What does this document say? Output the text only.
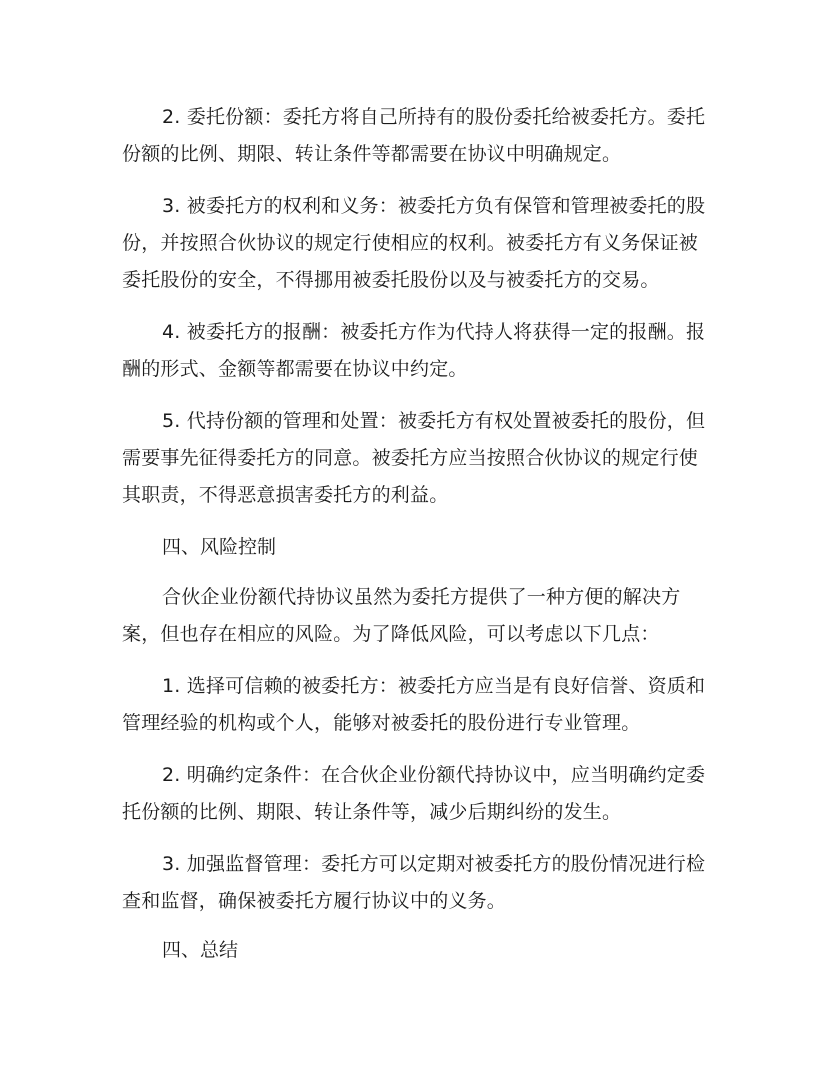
2. 委托份额：委托方将自己所持有的股份委托给被委托方。委托份额的比例、期限、转让条件等都需要在协议中明确规定。

3. 被委托方的权利和义务：被委托方负有保管和管理被委托的股份，并按照合伙协议的规定行使相应的权利。被委托方有义务保证被委托股份的安全，不得挪用被委托股份以及与被委托方的交易。

4. 被委托方的报酬：被委托方作为代持人将获得一定的报酬。报酬的形式、金额等都需要在协议中约定。

5. 代持份额的管理和处置：被委托方有权处置被委托的股份，但需要事先征得委托方的同意。被委托方应当按照合伙协议的规定行使其职责，不得恶意损害委托方的利益。

四、风险控制

合伙企业份额代持协议虽然为委托方提供了一种方便的解决方案，但也存在相应的风险。为了降低风险，可以考虑以下几点：

1. 选择可信赖的被委托方：被委托方应当是有良好信誉、资质和管理经验的机构或个人，能够对被委托的股份进行专业管理。

2. 明确约定条件：在合伙企业份额代持协议中，应当明确约定委托份额的比例、期限、转让条件等，减少后期纠纷的发生。

3. 加强监督管理：委托方可以定期对被委托方的股份情况进行检查和监督，确保被委托方履行协议中的义务。

四、总结
